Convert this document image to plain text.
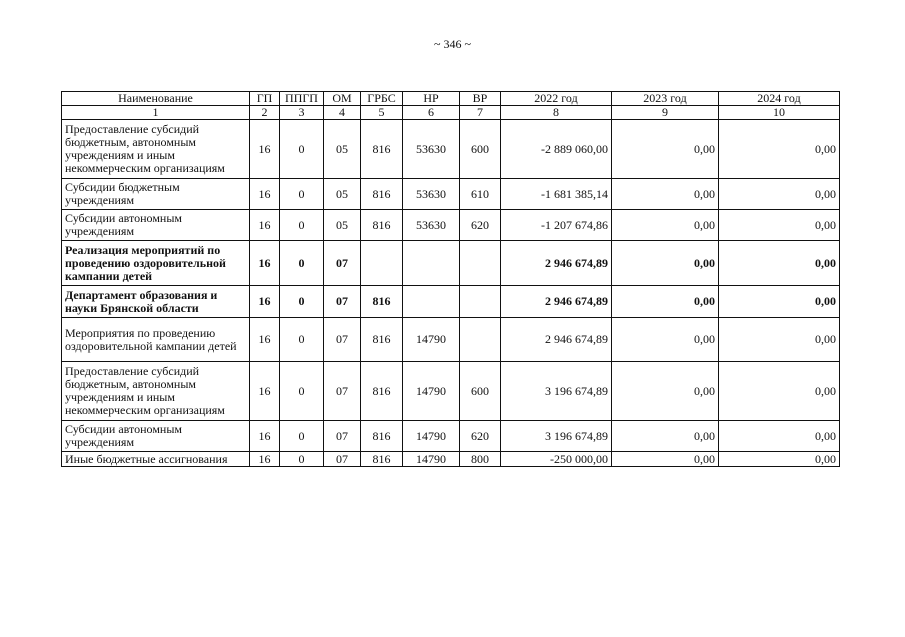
~ 346 ~
Наименование	ГП	ППГП	ОМ	ГРБС	НР	ВР	2022 год	2023 год	2024 год
1	2	3	4	5	6	7	8	9	10
Предоставление субсидий бюджетным, автономным учреждениям и иным некоммерческим организациям	16	0	05	816	53630	600	-2 889 060,00	0,00	0,00
Субсидии бюджетным учреждениям	16	0	05	816	53630	610	-1 681 385,14	0,00	0,00
Субсидии автономным учреждениям	16	0	05	816	53630	620	-1 207 674,86	0,00	0,00
Реализация мероприятий по проведению оздоровительной кампании детей	16	0	07				2 946 674,89	0,00	0,00
Департамент образования и науки Брянской области	16	0	07	816			2 946 674,89	0,00	0,00
Мероприятия по проведению оздоровительной кампании детей	16	0	07	816	14790		2 946 674,89	0,00	0,00
Предоставление субсидий бюджетным, автономным учреждениям и иным некоммерческим организациям	16	0	07	816	14790	600	3 196 674,89	0,00	0,00
Субсидии автономным учреждениям	16	0	07	816	14790	620	3 196 674,89	0,00	0,00
Иные бюджетные ассигнования	16	0	07	816	14790	800	-250 000,00	0,00	0,00
